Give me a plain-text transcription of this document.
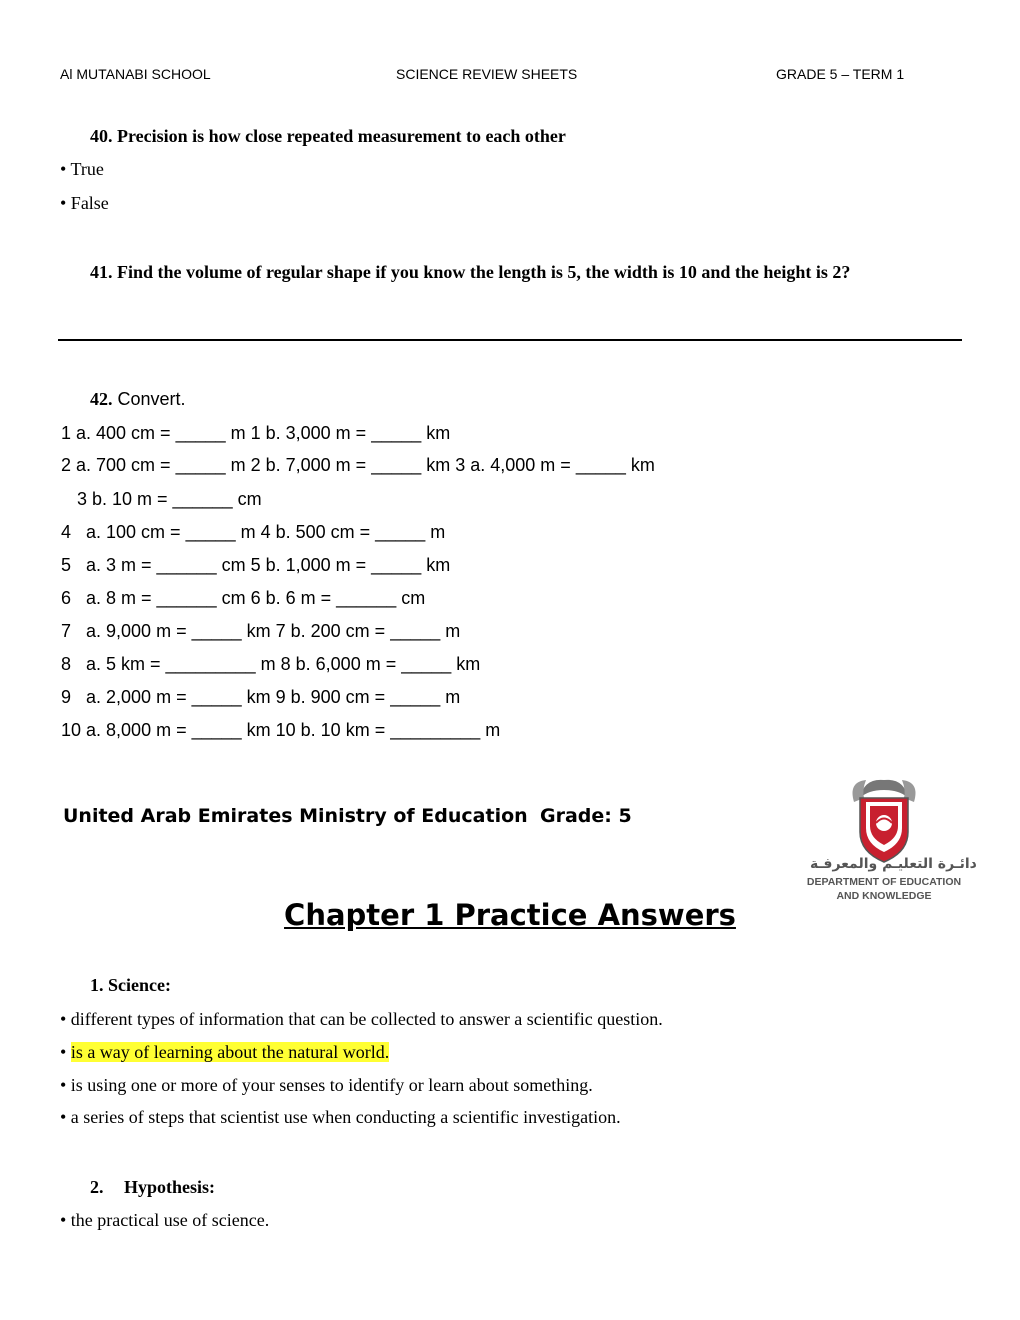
Al MUTANABI SCHOOL	SCIENCE REVIEW SHEETS	GRADE 5 – TERM 1
40. Precision is how close repeated measurement to each other
• True
• False
41. Find the volume of regular shape if you know the length is 5, the width is 10 and the height is 2?
42. Convert.
1 a. 400 cm = _____ m 1 b. 3,000 m = _____ km
2 a. 700 cm = _____ m 2 b. 7,000 m = _____ km 3 a. 4,000 m = _____ km
3 b. 10 m = ______ cm
4   a. 100 cm = _____ m 4 b. 500 cm = _____ m
5   a. 3 m = ______ cm 5 b. 1,000 m = _____ km
6   a. 8 m = ______ cm 6 b. 6 m = ______ cm
7   a. 9,000 m = _____ km 7 b. 200 cm = _____ m
8   a. 5 km = _________ m 8 b. 6,000 m = _____ km
9   a. 2,000 m = _____ km 9 b. 900 cm = _____ m
10 a. 8,000 m = _____ km 10 b. 10 km = _________ m
United Arab Emirates Ministry of Education Grade: 5
دائـرة التعليـم والمعرفـة
DEPARTMENT OF EDUCATION
AND KNOWLEDGE
Chapter 1 Practice Answers
1. Science:
• different types of information that can be collected to answer a scientific question.
• is a way of learning about the natural world.
• is using one or more of your senses to identify or learn about something.
• a series of steps that scientist use when conducting a scientific investigation.
2. Hypothesis:
• the practical use of science.
